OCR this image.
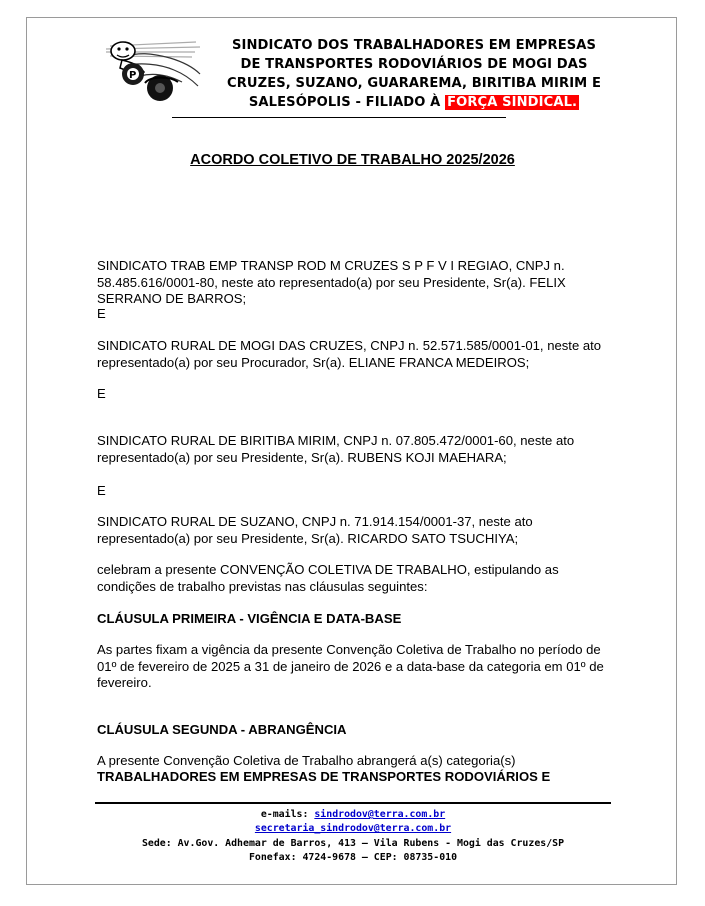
P
SINDICATO DOS TRABALHADORES EM EMPRESAS
DE TRANSPORTES RODOVIÁRIOS DE MOGI DAS
CRUZES, SUZANO, GUARAREMA, BIRITIBA MIRIM E
SALESÓPOLIS - FILIADO À FORÇA SINDICAL.
ACORDO COLETIVO DE TRABALHO 2025/2026
SINDICATO TRAB EMP TRANSP ROD M CRUZES S P F V I REGIAO, CNPJ n. 58.485.616/0001-80, neste ato representado(a) por seu Presidente, Sr(a). FELIX SERRANO DE BARROS;
E
SINDICATO RURAL DE MOGI DAS CRUZES, CNPJ n. 52.571.585/0001-01, neste ato representado(a) por seu Procurador, Sr(a). ELIANE FRANCA MEDEIROS;
E
SINDICATO RURAL DE BIRITIBA MIRIM, CNPJ n. 07.805.472/0001-60, neste ato representado(a) por seu Presidente, Sr(a). RUBENS KOJI MAEHARA;
E
SINDICATO RURAL DE SUZANO, CNPJ n. 71.914.154/0001-37, neste ato representado(a) por seu Presidente, Sr(a). RICARDO SATO TSUCHIYA;
celebram a presente CONVENÇÃO COLETIVA DE TRABALHO, estipulando as condições de trabalho previstas nas cláusulas seguintes:
CLÁUSULA PRIMEIRA - VIGÊNCIA E DATA-BASE
As partes fixam a vigência da presente Convenção Coletiva de Trabalho no período de 01º de fevereiro de 2025 a 31 de janeiro de 2026 e a data-base da categoria em 01º de fevereiro.
CLÁUSULA SEGUNDA - ABRANGÊNCIA
A presente Convenção Coletiva de Trabalho abrangerá a(s) categoria(s)
TRABALHADORES EM EMPRESAS DE TRANSPORTES RODOVIÁRIOS E
e-mails: sindrodov@terra.com.br
secretaria_sindrodov@terra.com.br
Sede: Av.Gov. Adhemar de Barros, 413 – Vila Rubens - Mogi das Cruzes/SP
Fonefax: 4724-9678 – CEP: 08735-010
